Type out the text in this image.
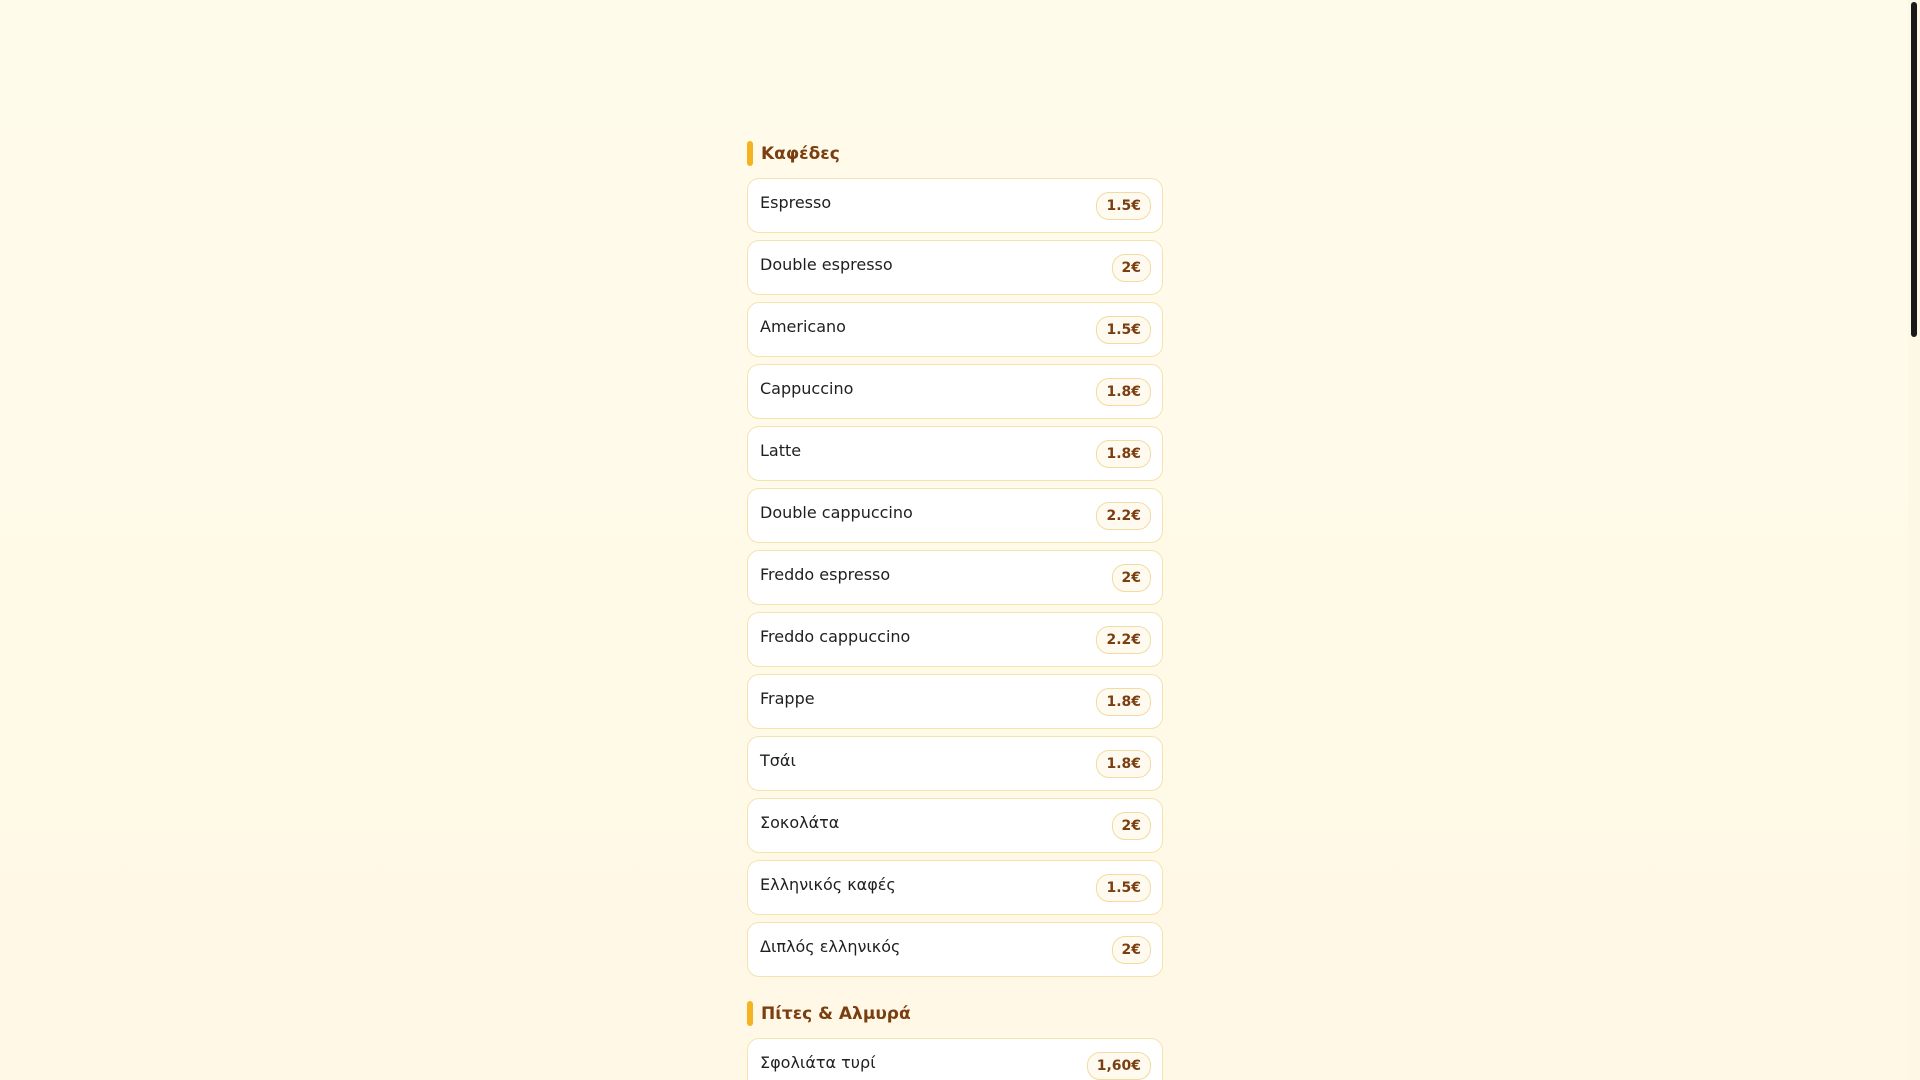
Καφέδες
Espresso	1.5€
Double espresso	2€
Americano	1.5€
Cappuccino	1.8€
Latte	1.8€
Double cappuccino	2.2€
Freddo espresso	2€
Freddo cappuccino	2.2€
Frappe	1.8€
Τσάι	1.8€
Σοκολάτα	2€
Ελληνικός καφές	1.5€
Διπλός ελληνικός	2€
Πίτες & Αλμυρά
Σφολιάτα τυρί	1,60€
